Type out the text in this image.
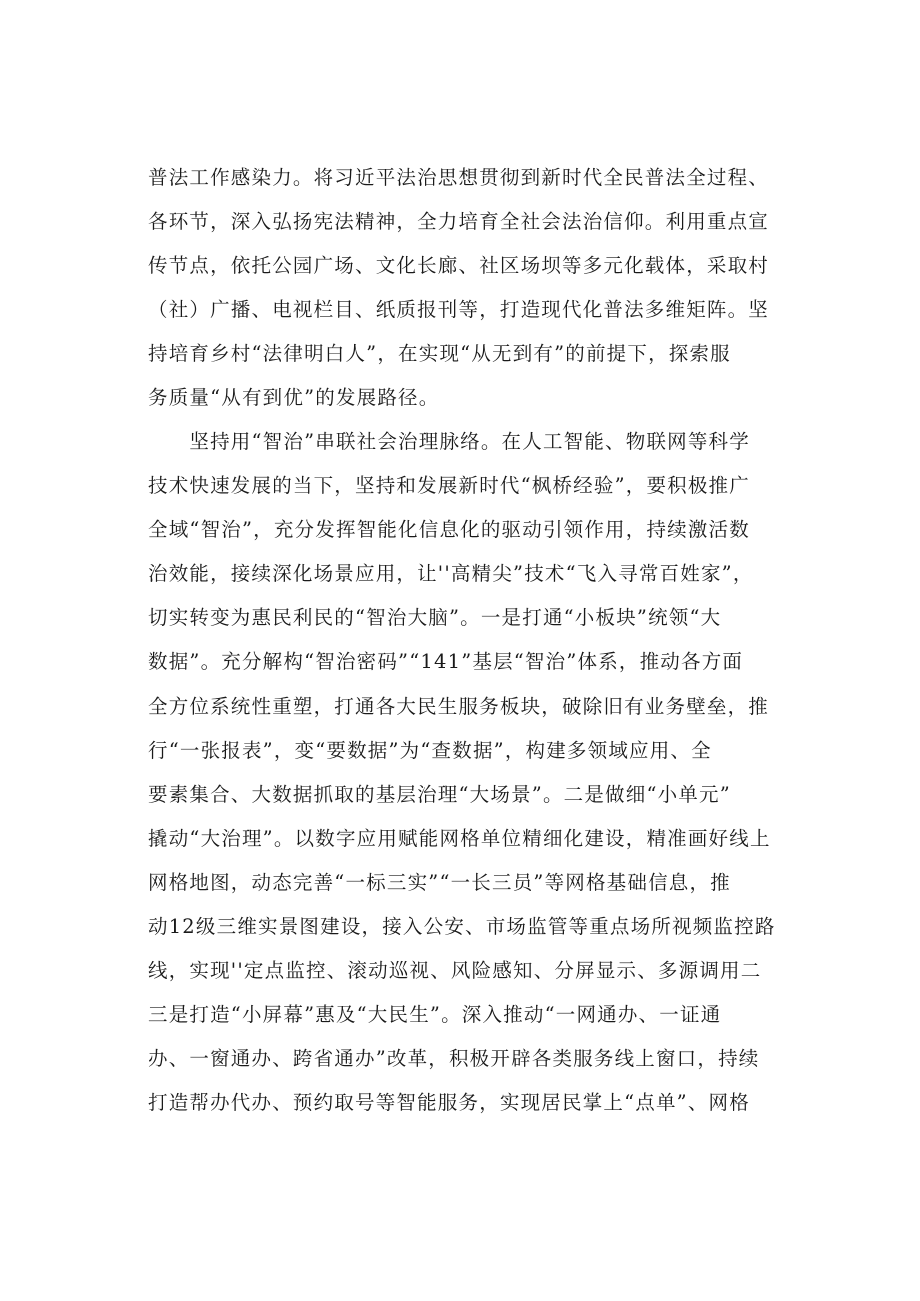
普法工作感染力。将习近平法治思想贯彻到新时代全民普法全过程、
各环节，深入弘扬宪法精神，全力培育全社会法治信仰。利用重点宣
传节点，依托公园广场、文化长廊、社区场坝等多元化载体，采取村
（社）广播、电视栏目、纸质报刊等，打造现代化普法多维矩阵。坚
持培育乡村“法律明白人”，在实现“从无到有”的前提下，探索服
务质量“从有到优”的发展路径。
　　坚持用“智治”串联社会治理脉络。在人工智能、物联网等科学
技术快速发展的当下，坚持和发展新时代“枫桥经验”，要积极推广
全域“智治”，充分发挥智能化信息化的驱动引领作用，持续激活数
治效能，接续深化场景应用，让''高精尖”技术“飞入寻常百姓家”，
切实转变为惠民利民的“智治大脑”。一是打通“小板块”统领“大
数据”。充分解构“智治密码”“141”基层“智治”体系，推动各方面
全方位系统性重塑，打通各大民生服务板块，破除旧有业务壁垒，推
行“一张报表”，变“要数据”为“查数据”，构建多领域应用、全
要素集合、大数据抓取的基层治理“大场景”。二是做细“小单元”
撬动“大治理”。以数字应用赋能网格单位精细化建设，精准画好线上
网格地图，动态完善“一标三实”“一长三员”等网格基础信息，推
动12级三维实景图建设，接入公安、市场监管等重点场所视频监控路
线，实现''定点监控、滚动巡视、风险感知、分屏显示、多源调用二
三是打造“小屏幕”惠及“大民生”。深入推动“一网通办、一证通
办、一窗通办、跨省通办”改革，积极开辟各类服务线上窗口，持续
打造帮办代办、预约取号等智能服务，实现居民掌上“点单”、网格
